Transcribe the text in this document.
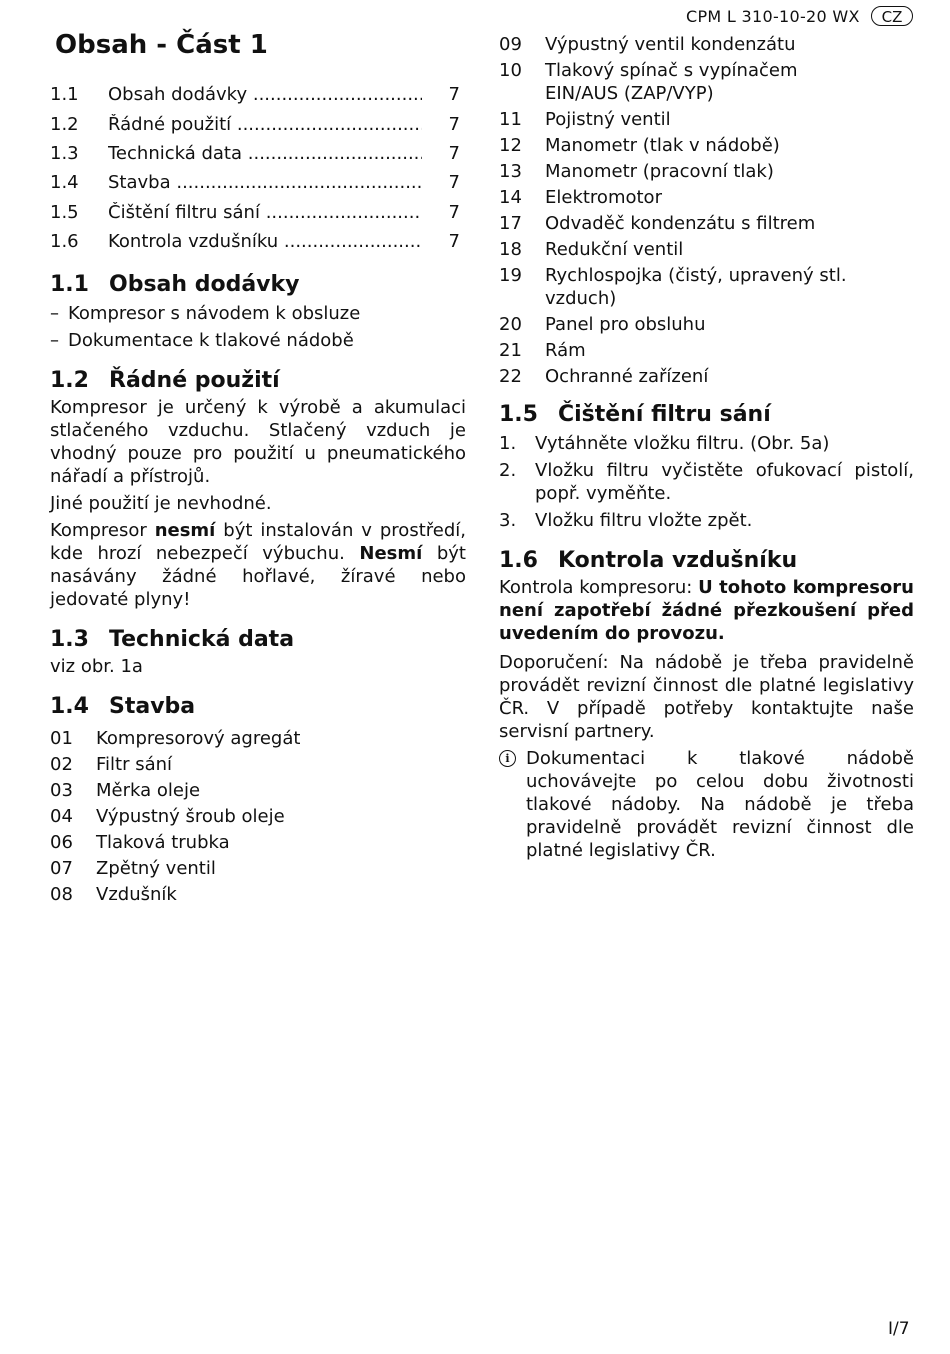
CPM L 310-10-20 WX	CZ
Obsah - Část 1
1.1	Obsah dodávky .....	7
1.2	Řádné použití .....	7
1.3	Technická data .....	7
1.4	Stavba .....	7
1.5	Čištění filtru sání .....	7
1.6	Kontrola vzdušníku .....	7
1.1 Obsah dodávky
– Kompresor s návodem k obsluze
– Dokumentace k tlakové nádobě
1.2 Řádné použití

Kompresor je určený k výrobě a akumulaci stlačeného vzduchu. Stlačený vzduch je vhodný pouze pro použití u pneumatického nářadí a přístrojů.

Jiné použití je nevhodné.

Kompresor nesmí být instalován v prostředí, kde hrozí nebezpečí výbuchu. Nesmí být nasávány žádné hořlavé, žíravé nebo jedovaté plyny!

1.3 Technická data

viz obr. 1a

1.4 Stavba
01	Kompresorový agregát
02	Filtr sání
03	Měrka oleje
04	Výpustný šroub oleje
06	Tlaková trubka
07	Zpětný ventil
08	Vzdušník
09	Výpustný ventil kondenzátu
10	Tlakový spínač s vypínačem EIN/AUS (ZAP/VYP)
11	Pojistný ventil
12	Manometr (tlak v nádobě)
13	Manometr (pracovní tlak)
14	Elektromotor
17	Odvaděč kondenzátu s filtrem
18	Redukční ventil
19	Rychlospojka (čistý, upravený stl. vzduch)
20	Panel pro obsluhu
21	Rám
22	Ochranné zařízení
1.5 Čištění filtru sání
1.	Vytáhněte vložku filtru. (Obr. 5a)
2.	Vložku filtru vyčistěte ofukovací pistolí, popř. vyměňte.
3.	Vložku filtru vložte zpět.
1.6 Kontrola vzdušníku

Kontrola kompresoru: U tohoto kompresoru není zapotřebí žádné přezkoušení před uvedením do provozu.

Doporučení: Na nádobě je třeba pravidelně provádět revizní činnost dle platné legislativy ČR. V případě potřeby kontaktujte naše servisní partnery.

i Dokumentaci k tlakové nádobě uchovávejte po celou dobu životnosti tlakové nádoby. Na nádobě je třeba pravidelně provádět revizní činnost dle platné legislativy ČR.
I/7
